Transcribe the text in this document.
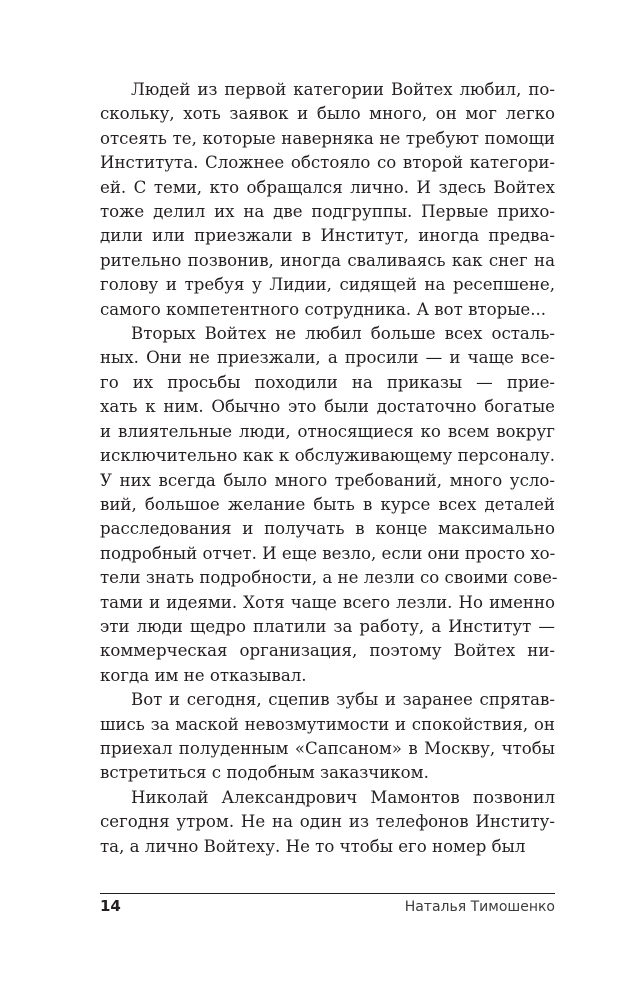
Людей из первой категории Войтех любил, по-
скольку, хоть заявок и было много, он мог легко
отсеять те, которые наверняка не требуют помощи
Института. Сложнее обстояло со второй категори-
ей. С теми, кто обращался лично. И здесь Войтех
тоже делил их на две подгруппы. Первые прихо-
дили или приезжали в Институт, иногда предва-
рительно позвонив, иногда сваливаясь как снег на
голову и требуя у Лидии, сидящей на ресепшене,
самого компетентного сотрудника. А вот вторые...
Вторых Войтех не любил больше всех осталь-
ных. Они не приезжали, а просили — и чаще все-
го их просьбы походили на приказы — прие-
хать к ним. Обычно это были достаточно богатые
и влиятельные люди, относящиеся ко всем вокруг
исключительно как к обслуживающему персоналу.
У них всегда было много требований, много усло-
вий, большое желание быть в курсе всех деталей
расследования и получать в конце максимально
подробный отчет. И еще везло, если они просто хо-
тели знать подробности, а не лезли со своими сове-
тами и идеями. Хотя чаще всего лезли. Но именно
эти люди щедро платили за работу, а Институт —
коммерческая организация, поэтому Войтех ни-
когда им не отказывал.
Вот и сегодня, сцепив зубы и заранее спрятав-
шись за маской невозмутимости и спокойствия, он
приехал полуденным «Сапсаном» в Москву, чтобы
встретиться с подобным заказчиком.
Николай Александрович Мамонтов позвонил
сегодня утром. Не на один из телефонов Институ-
та, а лично Войтеху. Не то чтобы его номер был
14	Наталья Тимошенко
